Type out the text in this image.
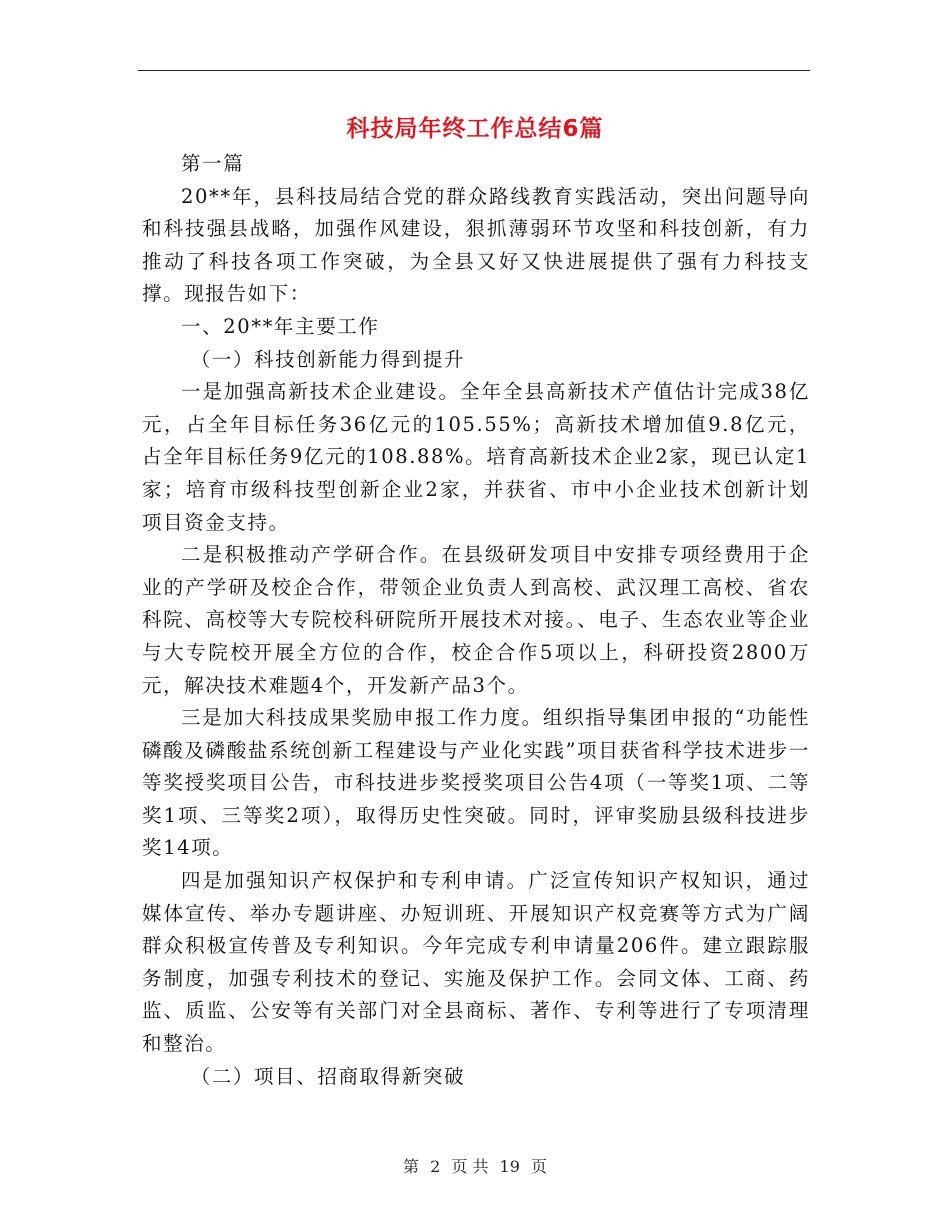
科技局年终工作总结6篇

第一篇

20**年，县科技局结合党的群众路线教育实践活动，突出问题导向和科技强县战略，加强作风建设，狠抓薄弱环节攻坚和科技创新，有力推动了科技各项工作突破，为全县又好又快进展提供了强有力科技支撑。现报告如下：

一、20**年主要工作

（一）科技创新能力得到提升

一是加强高新技术企业建设。全年全县高新技术产值估计完成38亿元，占全年目标任务36亿元的105.55%；高新技术增加值9.8亿元，占全年目标任务9亿元的108.88%。培育高新技术企业2家，现已认定1家；培育市级科技型创新企业2家，并获省、市中小企业技术创新计划项目资金支持。

二是积极推动产学研合作。在县级研发项目中安排专项经费用于企业的产学研及校企合作，带领企业负责人到高校、武汉理工高校、省农科院、高校等大专院校科研院所开展技术对接。、电子、生态农业等企业与大专院校开展全方位的合作，校企合作5项以上，科研投资2800万元，解决技术难题4个，开发新产品3个。

三是加大科技成果奖励申报工作力度。组织指导集团申报的“功能性磷酸及磷酸盐系统创新工程建设与产业化实践”项目获省科学技术进步一等奖授奖项目公告，市科技进步奖授奖项目公告4项（一等奖1项、二等奖1项、三等奖2项），取得历史性突破。同时，评审奖励县级科技进步奖14项。

四是加强知识产权保护和专利申请。广泛宣传知识产权知识，通过媒体宣传、举办专题讲座、办短训班、开展知识产权竞赛等方式为广阔群众积极宣传普及专利知识。今年完成专利申请量206件。建立跟踪服务制度，加强专利技术的登记、实施及保护工作。会同文体、工商、药监、质监、公安等有关部门对全县商标、著作、专利等进行了专项清理和整治。

（二）项目、招商取得新突破

第 2 页 共 19 页
